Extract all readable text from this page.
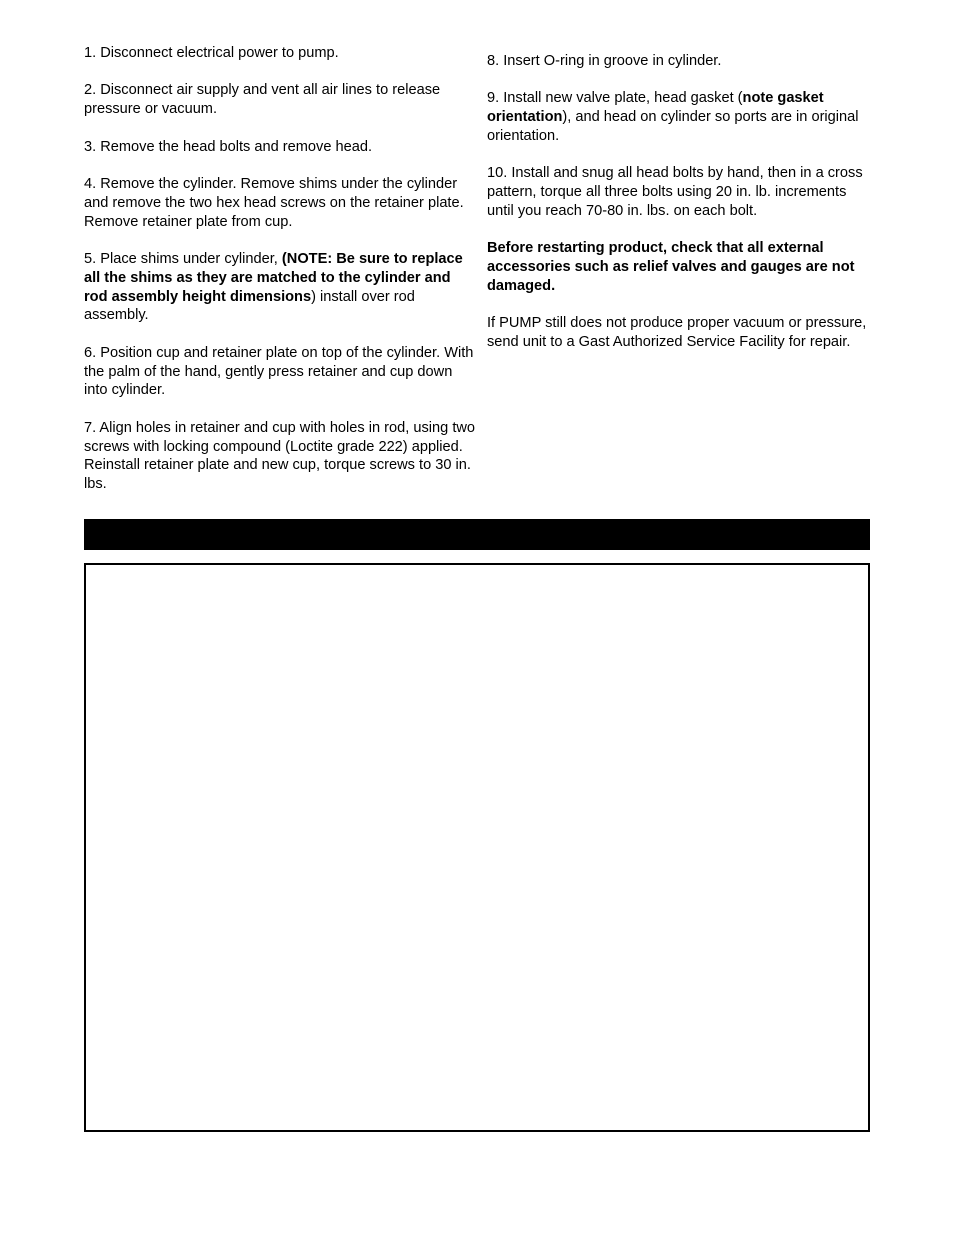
1. Disconnect electrical power to pump.

2. Disconnect air supply and vent all air lines to release pressure or vacuum.

3. Remove the head bolts and remove head.

4. Remove the cylinder. Remove shims under the cylinder and remove the two hex head screws on the retainer plate. Remove retainer plate from cup.

5. Place shims under cylinder, (NOTE: Be sure to replace all the shims as they are matched to the cylinder and rod assembly height dimensions) install over rod assembly.

6. Position cup and retainer plate on top of the cylinder. With the palm of the hand, gently press retainer and cup down into cylinder.

7. Align holes in retainer and cup with holes in rod, using two screws with locking compound (Loctite grade 222) applied. Reinstall retainer plate and new cup, torque screws to 30 in. lbs.

8. Insert O-ring in groove in cylinder.

9. Install new valve plate, head gasket (note gasket orientation), and head on cylinder so ports are in original orientation.

10. Install and snug all head bolts by hand, then in a cross pattern, torque all three bolts using 20 in. lb. increments until you reach 70-80 in. lbs. on each bolt.

Before restarting product, check that all external accessories such as relief valves and gauges are not damaged.

If PUMP still does not produce proper vacuum or pressure, send unit to a Gast Authorized Service Facility for repair.
